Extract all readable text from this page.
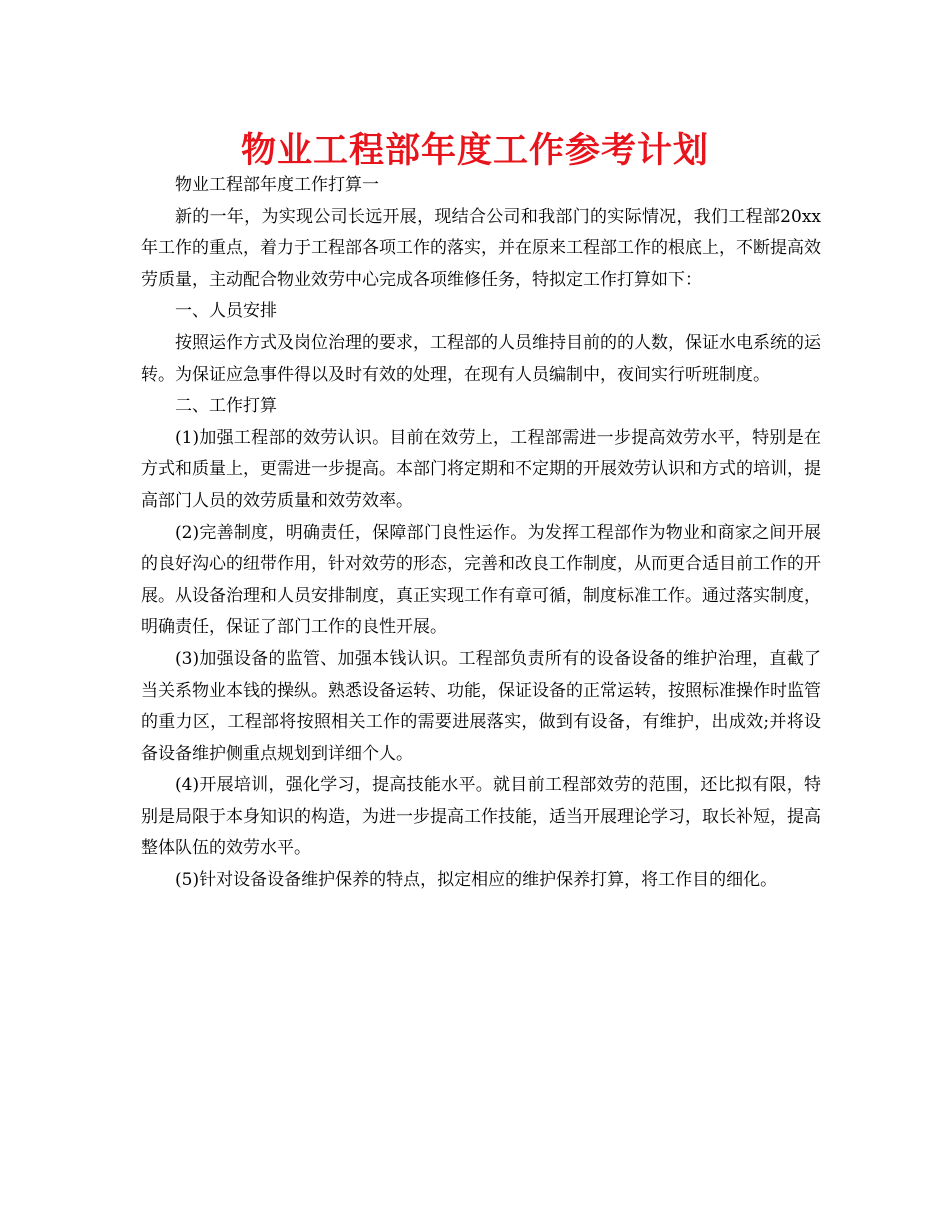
物业工程部年度工作参考计划

物业工程部年度工作打算一

新的一年，为实现公司长远开展，现结合公司和我部门的实际情况，我们工程部20xx年工作的重点，着力于工程部各项工作的落实，并在原来工程部工作的根底上，不断提高效劳质量，主动配合物业效劳中心完成各项维修任务，特拟定工作打算如下：

一、人员安排

按照运作方式及岗位治理的要求，工程部的人员维持目前的的人数，保证水电系统的运转。为保证应急事件得以及时有效的处理，在现有人员编制中，夜间实行听班制度。

二、工作打算

(1)加强工程部的效劳认识。目前在效劳上，工程部需进一步提高效劳水平，特别是在方式和质量上，更需进一步提高。本部门将定期和不定期的开展效劳认识和方式的培训，提高部门人员的效劳质量和效劳效率。

(2)完善制度，明确责任，保障部门良性运作。为发挥工程部作为物业和商家之间开展的良好沟心的纽带作用，针对效劳的形态，完善和改良工作制度，从而更合适目前工作的开展。从设备治理和人员安排制度，真正实现工作有章可循，制度标准工作。通过落实制度，明确责任，保证了部门工作的良性开展。

(3)加强设备的监管、加强本钱认识。工程部负责所有的设备设备的维护治理，直截了当关系物业本钱的操纵。熟悉设备运转、功能，保证设备的正常运转，按照标准操作时监管的重力区，工程部将按照相关工作的需要进展落实，做到有设备，有维护，出成效;并将设备设备维护侧重点规划到详细个人。

(4)开展培训，强化学习，提高技能水平。就目前工程部效劳的范围，还比拟有限，特别是局限于本身知识的构造，为进一步提高工作技能，适当开展理论学习，取长补短，提高整体队伍的效劳水平。

(5)针对设备设备维护保养的特点，拟定相应的维护保养打算，将工作目的细化。
